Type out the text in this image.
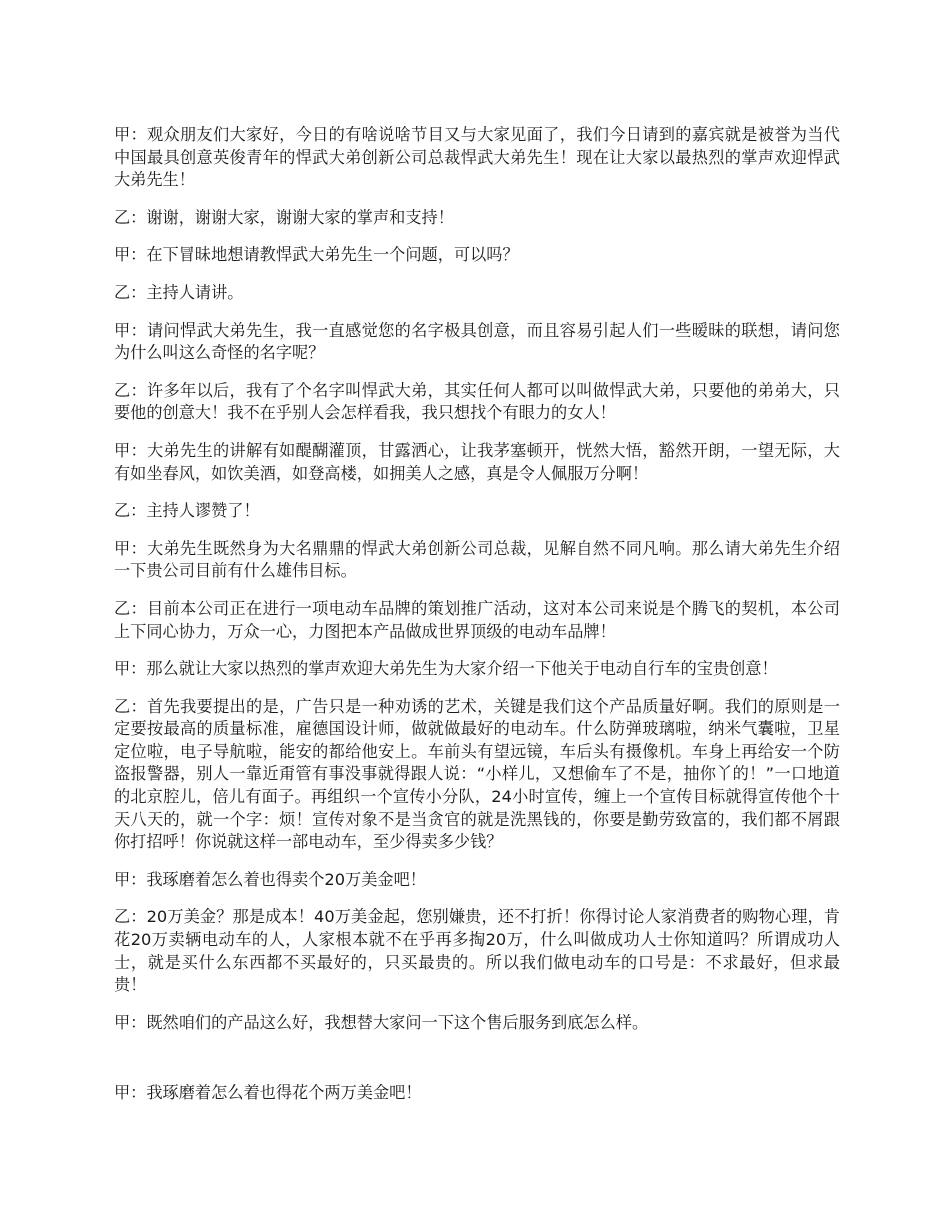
甲：观众朋友们大家好，今日的有啥说啥节目又与大家见面了，我们今日请到的嘉宾就是被誉为当代中国最具创意英俊青年的悍武大弟创新公司总裁悍武大弟先生！现在让大家以最热烈的掌声欢迎悍武大弟先生！

乙：谢谢，谢谢大家，谢谢大家的掌声和支持！

甲：在下冒昧地想请教悍武大弟先生一个问题，可以吗？

乙：主持人请讲。

甲：请问悍武大弟先生，我一直感觉您的名字极具创意，而且容易引起人们一些暧昧的联想，请问您为什么叫这么奇怪的名字呢？

乙：许多年以后，我有了个名字叫悍武大弟，其实任何人都可以叫做悍武大弟，只要他的弟弟大，只要他的创意大！我不在乎别人会怎样看我，我只想找个有眼力的女人！

甲：大弟先生的讲解有如醍醐灌顶，甘露洒心，让我茅塞顿开，恍然大悟，豁然开朗，一望无际，大有如坐春风，如饮美酒，如登高楼，如拥美人之感，真是令人佩服万分啊！

乙：主持人谬赞了！

甲：大弟先生既然身为大名鼎鼎的悍武大弟创新公司总裁，见解自然不同凡响。那么请大弟先生介绍一下贵公司目前有什么雄伟目标。

乙：目前本公司正在进行一项电动车品牌的策划推广活动，这对本公司来说是个腾飞的契机，本公司上下同心协力，万众一心，力图把本产品做成世界顶级的电动车品牌！

甲：那么就让大家以热烈的掌声欢迎大弟先生为大家介绍一下他关于电动自行车的宝贵创意！

乙：首先我要提出的是，广告只是一种劝诱的艺术，关键是我们这个产品质量好啊。我们的原则是一定要按最高的质量标准，雇德国设计师，做就做最好的电动车。什么防弹玻璃啦，纳米气囊啦，卫星定位啦，电子导航啦，能安的都给他安上。车前头有望远镜，车后头有摄像机。车身上再给安一个防盗报警器，别人一靠近甭管有事没事就得跟人说：“小样儿，又想偷车了不是，抽你丫的！”一口地道的北京腔儿，倍儿有面子。再组织一个宣传小分队，24小时宣传，缠上一个宣传目标就得宣传他个十天八天的，就一个字：烦！宣传对象不是当贪官的就是洗黑钱的，你要是勤劳致富的，我们都不屑跟你打招呼！你说就这样一部电动车，至少得卖多少钱？

甲：我琢磨着怎么着也得卖个20万美金吧！

乙：20万美金？那是成本！40万美金起，您别嫌贵，还不打折！你得讨论人家消费者的购物心理，肯花20万卖辆电动车的人，人家根本就不在乎再多掏20万，什么叫做成功人士你知道吗？所谓成功人士，就是买什么东西都不买最好的，只买最贵的。所以我们做电动车的口号是：不求最好，但求最贵！

甲：既然咱们的产品这么好，我想替大家问一下这个售后服务到底怎么样。

甲：我琢磨着怎么着也得花个两万美金吧！
